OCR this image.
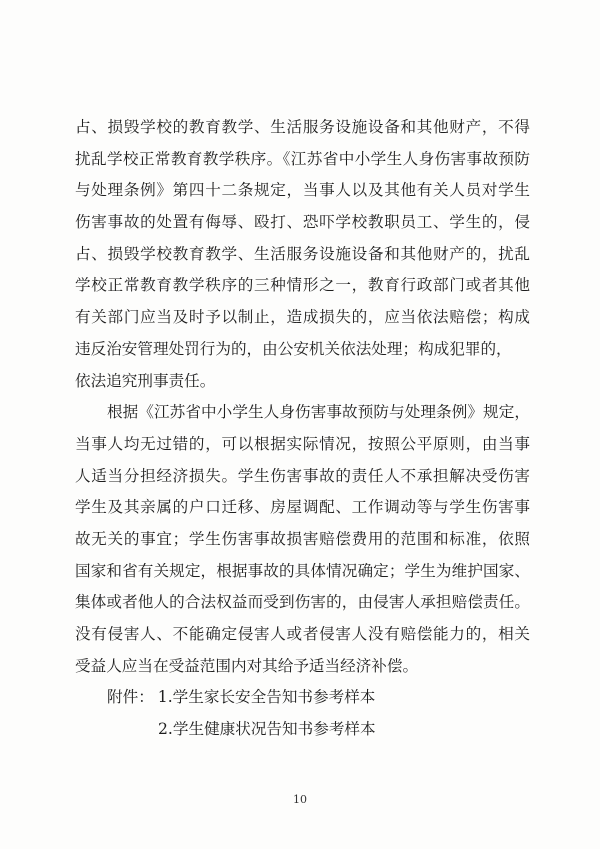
占、损毁学校的教育教学、生活服务设施设备和其他财产，不得
扰乱学校正常教育教学秩序。《江苏省中小学生人身伤害事故预防
与处理条例》第四十二条规定，当事人以及其他有关人员对学生
伤害事故的处置有侮辱、殴打、恐吓学校教职员工、学生的，侵
占、损毁学校教育教学、生活服务设施设备和其他财产的，扰乱
学校正常教育教学秩序的三种情形之一，教育行政部门或者其他
有关部门应当及时予以制止，造成损失的，应当依法赔偿；构成
违反治安管理处罚行为的，由公安机关依法处理；构成犯罪的，
依法追究刑事责任。
根据《江苏省中小学生人身伤害事故预防与处理条例》规定，
当事人均无过错的，可以根据实际情况，按照公平原则，由当事
人适当分担经济损失。学生伤害事故的责任人不承担解决受伤害
学生及其亲属的户口迁移、房屋调配、工作调动等与学生伤害事
故无关的事宜；学生伤害事故损害赔偿费用的范围和标准，依照
国家和省有关规定，根据事故的具体情况确定；学生为维护国家、
集体或者他人的合法权益而受到伤害的，由侵害人承担赔偿责任。
没有侵害人、不能确定侵害人或者侵害人没有赔偿能力的，相关
受益人应当在受益范围内对其给予适当经济补偿。
附件： 1.学生家长安全告知书参考样本
2.学生健康状况告知书参考样本
10
